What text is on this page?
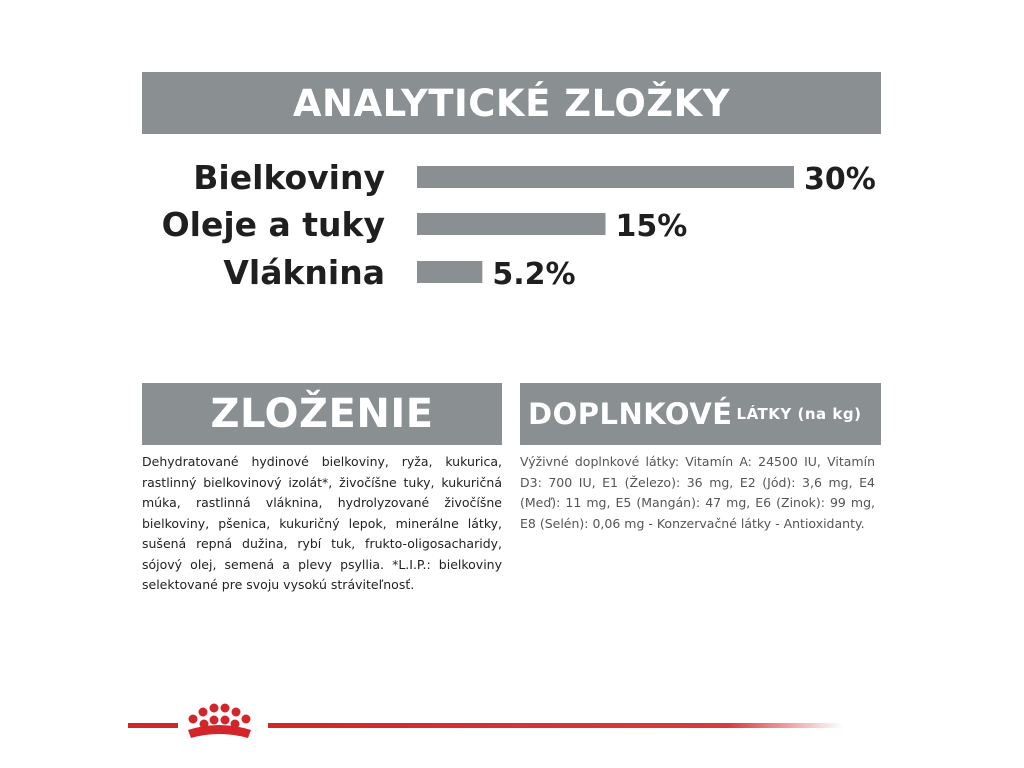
ANALYTICKÉ ZLOŽKY
Bielkoviny	30%
Oleje a tuky	15%
Vláknina	5.2%
ZLOŽENIE
Dehydratované hydinové bielkoviny, ryža, kukurica, rastlinný bielkovinový izolát*, živočíšne tuky, kukuričná múka, rastlinná vláknina, hydrolyzované živočíšne bielkoviny, pšenica, kukuričný lepok, minerálne látky, sušená repná dužina, rybí tuk, frukto-oligosacharidy, sójový olej, semená a plevy psyllia. *L.I.P.: bielkoviny selektované pre svoju vysokú stráviteľnosť.
DOPLNKOVÉ LÁTKY (na kg)
Výživné doplnkové látky: Vitamín A: 24500 IU, Vitamín D3: 700 IU, E1 (Železo): 36 mg, E2 (Jód): 3,6 mg, E4 (Meď): 11 mg, E5 (Mangán): 47 mg, E6 (Zinok): 99 mg, E8 (Selén): 0,06 mg - Konzervačné látky - Antioxidanty.
